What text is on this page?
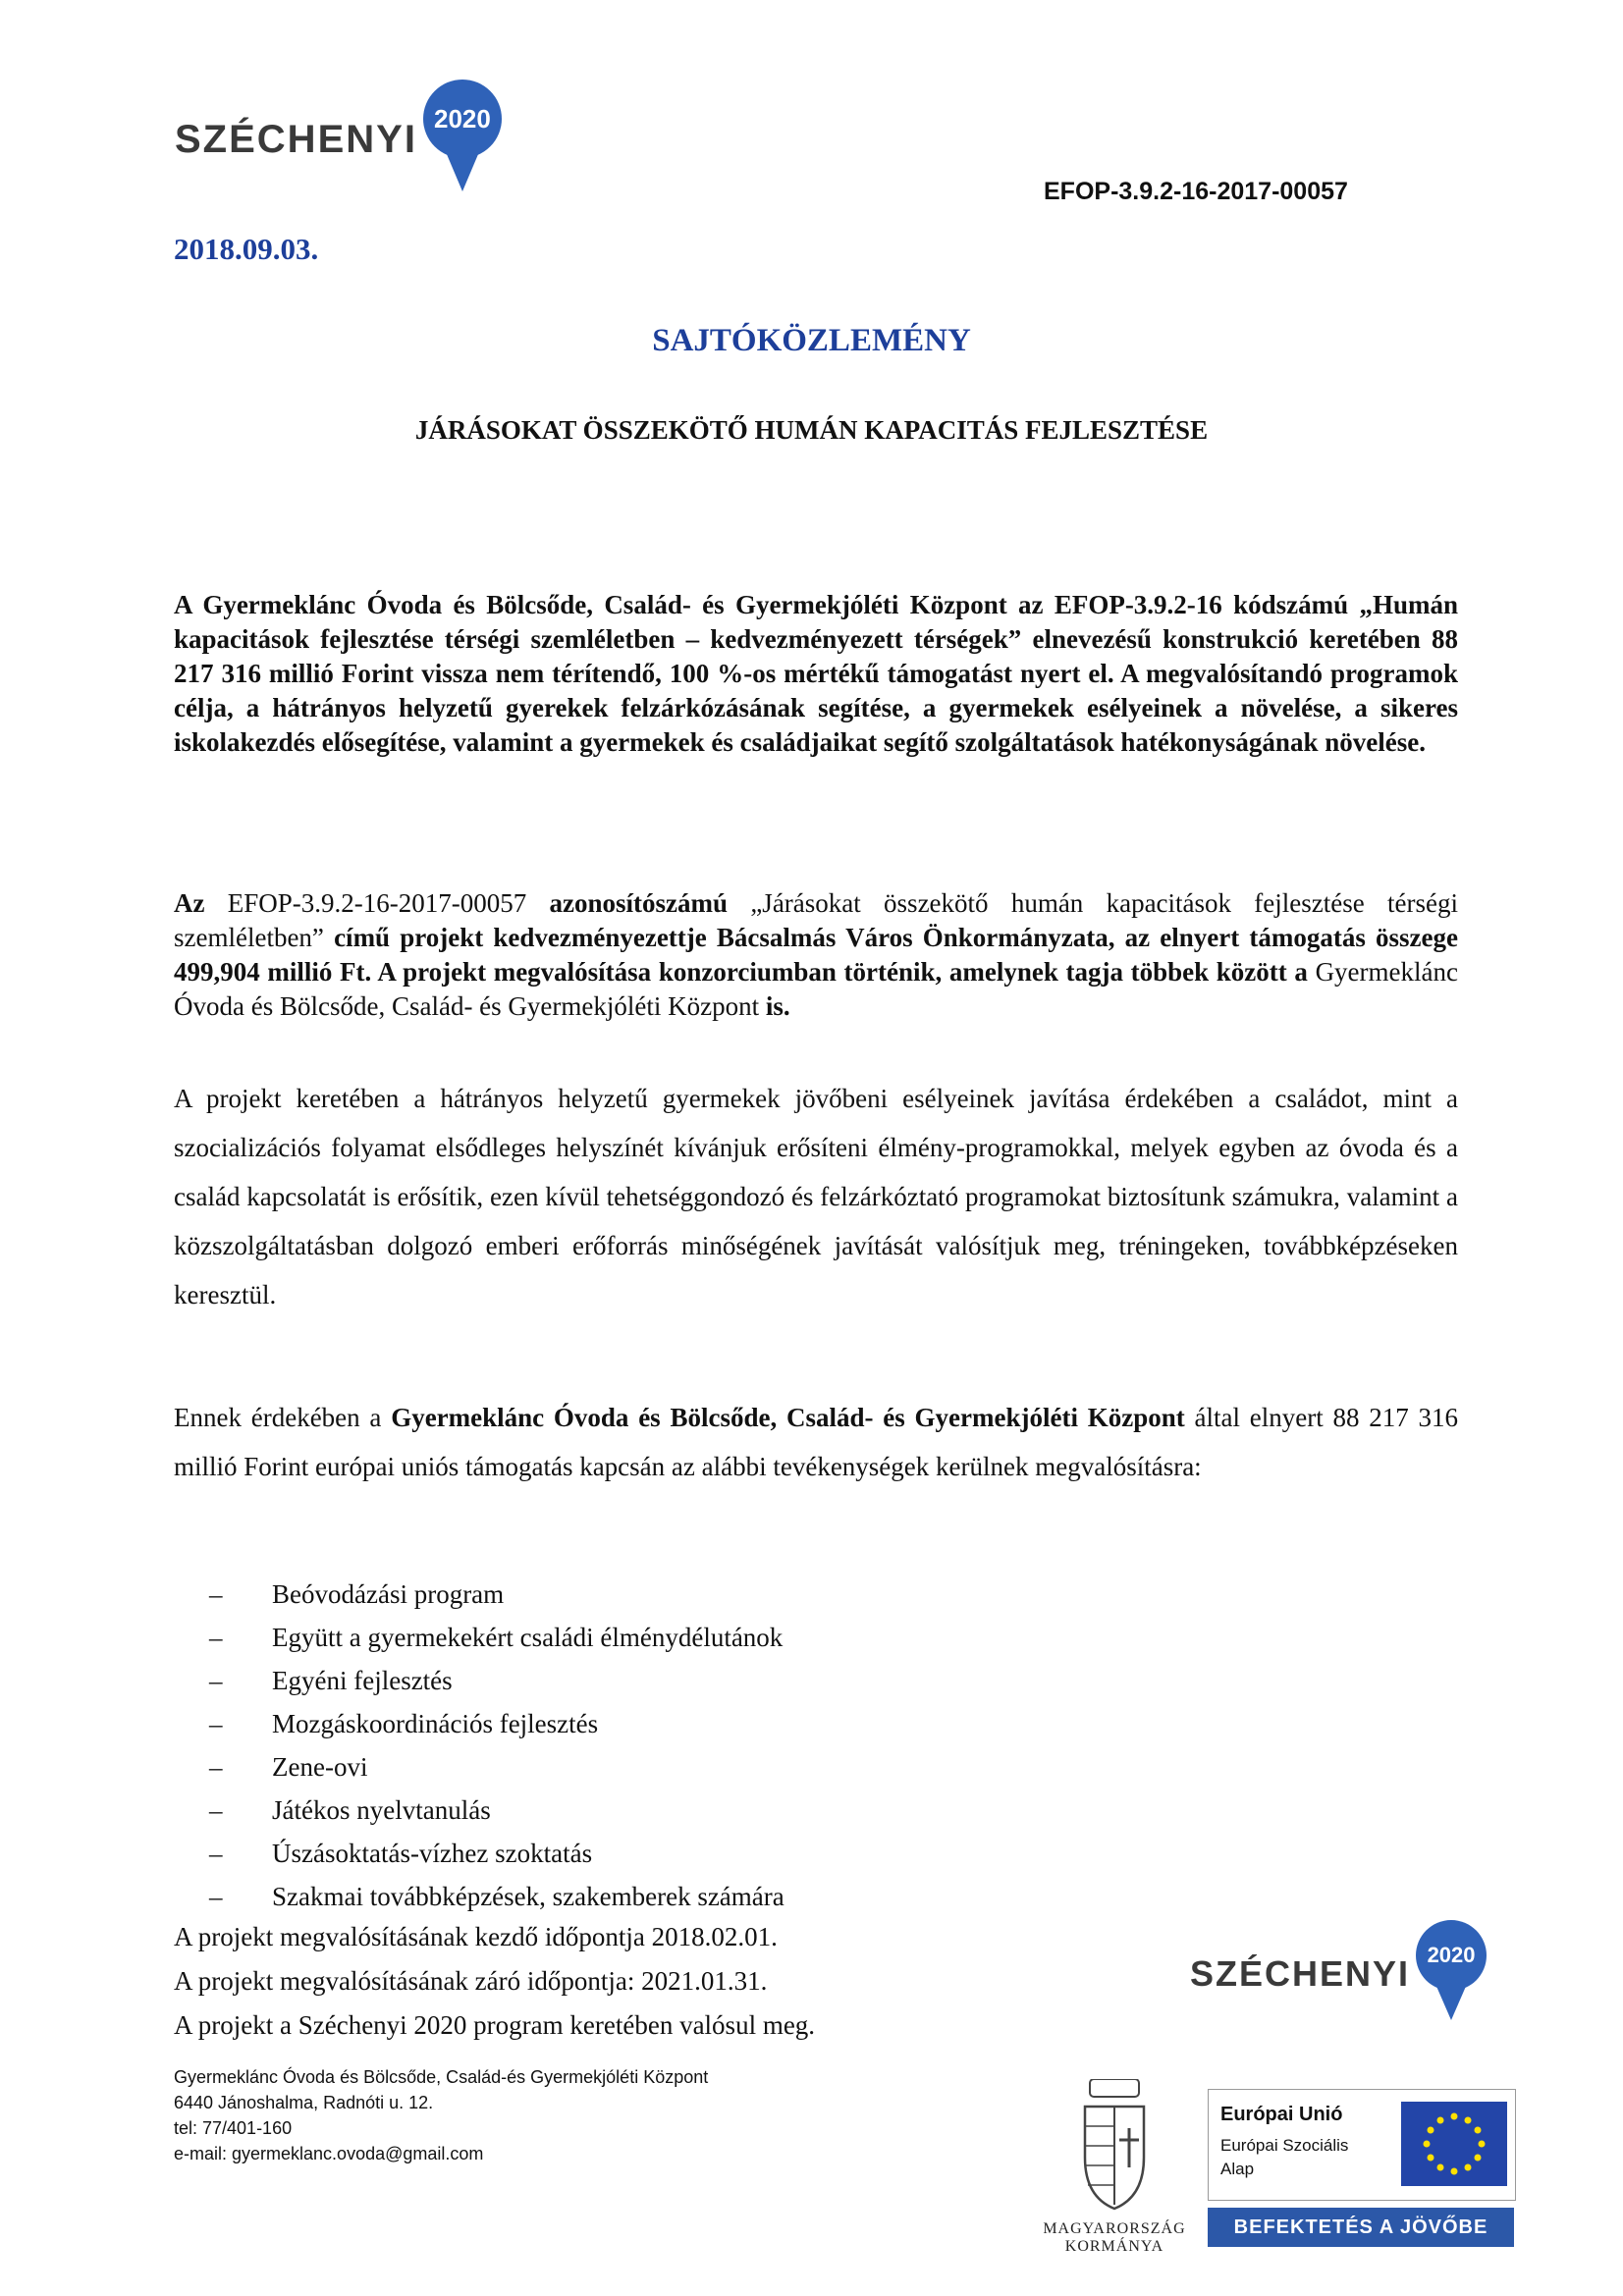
SZÉCHENYI 2020
EFOP-3.9.2-16-2017-00057
2018.09.03.
SAJTÓKÖZLEMÉNY
JÁRÁSOKAT ÖSSZEKÖTŐ HUMÁN KAPACITÁS FEJLESZTÉSE

A Gyermeklánc Óvoda és Bölcsőde, Család- és Gyermekjóléti Központ az EFOP-3.9.2-16 kódszámú „Humán kapacitások fejlesztése térségi szemléletben – kedvezményezett térségek” elnevezésű konstrukció keretében 88 217 316 millió Forint vissza nem térítendő, 100 %-os mértékű támogatást nyert el. A megvalósítandó programok célja, a hátrányos helyzetű gyerekek felzárkózásának segítése, a gyermekek esélyeinek a növelése, a sikeres iskolakezdés elősegítése, valamint a gyermekek és családjaikat segítő szolgáltatások hatékonyságának növelése.

Az EFOP-3.9.2-16-2017-00057 azonosítószámú „Járásokat összekötő humán kapacitások fejlesztése térségi szemléletben” című projekt kedvezményezettje Bácsalmás Város Önkormányzata, az elnyert támogatás összege 499,904 millió Ft. A projekt megvalósítása konzorciumban történik, amelynek tagja többek között a Gyermeklánc Óvoda és Bölcsőde, Család- és Gyermekjóléti Központ is.

A projekt keretében a hátrányos helyzetű gyermekek jövőbeni esélyeinek javítása érdekében a családot, mint a szocializációs folyamat elsődleges helyszínét kívánjuk erősíteni élmény-programokkal, melyek egyben az óvoda és a család kapcsolatát is erősítik, ezen kívül tehetséggondozó és felzárkóztató programokat biztosítunk számukra, valamint a közszolgáltatásban dolgozó emberi erőforrás minőségének javítását valósítjuk meg, tréningeken, továbbképzéseken keresztül.

Ennek érdekében a Gyermeklánc Óvoda és Bölcsőde, Család- és Gyermekjóléti Központ által elnyert 88 217 316 millió Forint európai uniós támogatás kapcsán az alábbi tevékenységek kerülnek megvalósításra:

– Beóvodázási program
– Együtt a gyermekekért családi élménydélutánok
– Egyéni fejlesztés
– Mozgáskoordinációs fejlesztés
– Zene-ovi
– Játékos nyelvtanulás
– Úszásoktatás-vízhez szoktatás
– Szakmai továbbképzések, szakemberek számára
A projekt megvalósításának kezdő időpontja 2018.02.01.
A projekt megvalósításának záró időpontja: 2021.01.31.
A projekt a Széchenyi 2020 program keretében valósul meg.
Gyermeklánc Óvoda és Bölcsőde, Család-és Gyermekjóléti Központ
6440 Jánoshalma, Radnóti u. 12.
tel: 77/401-160
e-mail: gyermeklanc.ovoda@gmail.com
SZÉCHENYI 2020
MAGYARORSZÁG
KORMÁNYA
Európai Unió
Európai Szociális
Alap
BEFEKTETÉS A JÖVŐBE
